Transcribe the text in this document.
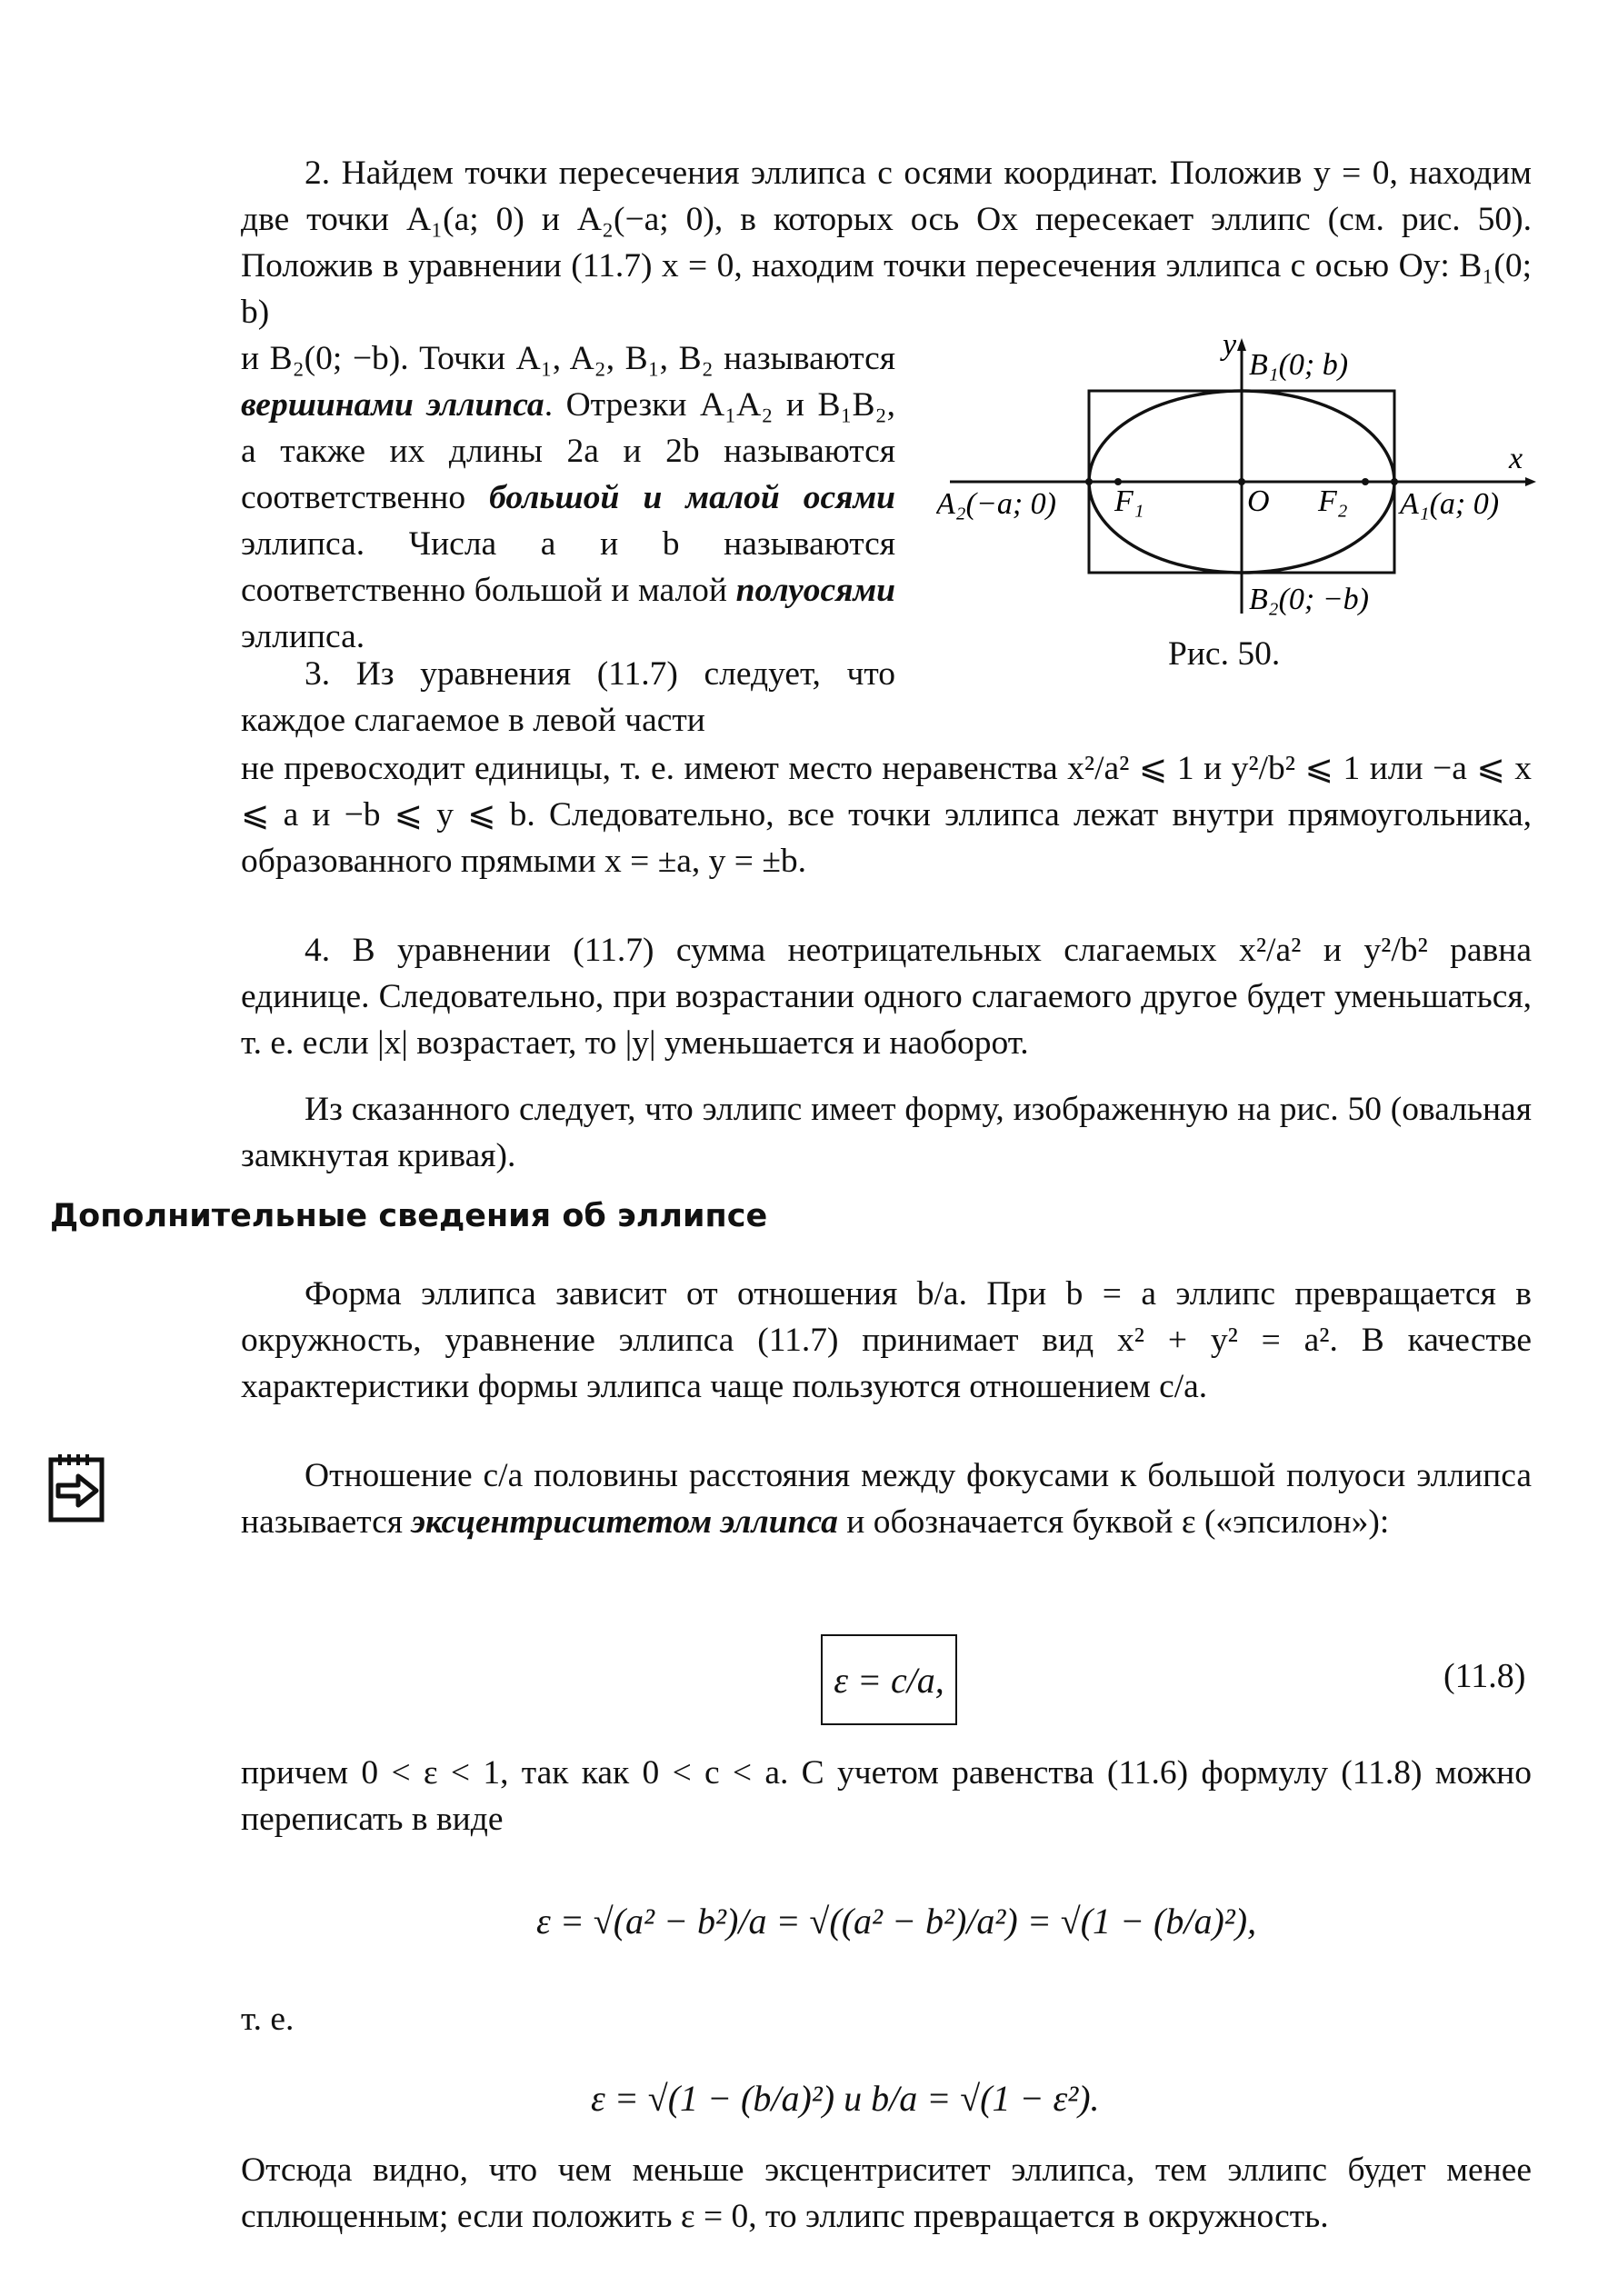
2. Найдем точки пересечения эллипса с осями координат. Положив y = 0, находим две точки A₁(a; 0) и A₂(−a; 0), в которых ось Ox пересекает эллипс (см. рис. 50). Положив в уравнении (11.7) x = 0, находим точки пересечения эллипса с осью Oy: B₁(0; b)

и B₂(0; −b). Точки A₁, A₂, B₁, B₂ называются вершинами эллипса. Отрезки A₁A₂ и B₁B₂, а также их длины 2a и 2b называются соответственно большой и малой осями эллипса. Числа a и b называются соответственно большой и малой полуосями эллипса.

3. Из уравнения (11.7) следует, что каждое слагаемое в левой части

y
x
B₁(0; b)
B₂(0; −b)
A₂(−a; 0)	A₁(a; 0)
F₁	F₂
O
Рис. 50.

не превосходит единицы, т. е. имеют место неравенства x²/a² ⩽ 1 и y²/b² ⩽ 1 или −a ⩽ x ⩽ a и −b ⩽ y ⩽ b. Следовательно, все точки эллипса лежат внутри прямоугольника, образованного прямыми x = ±a, y = ±b.

4. В уравнении (11.7) сумма неотрицательных слагаемых x²/a² и y²/b² равна единице. Следовательно, при возрастании одного слагаемого другое будет уменьшаться, т. е. если |x| возрастает, то |y| уменьшается и наоборот.

Из сказанного следует, что эллипс имеет форму, изображенную на рис. 50 (овальная замкнутая кривая).

Дополнительные сведения об эллипсе

Форма эллипса зависит от отношения b/a. При b = a эллипс превращается в окружность, уравнение эллипса (11.7) принимает вид x² + y² = a². В качестве характеристики формы эллипса чаще пользуются отношением c/a.

Отношение c/a половины расстояния между фокусами к большой полуоси эллипса называется эксцентриситетом эллипса и обозначается буквой ε («эпсилон»):

ε = c/a,	(11.8)

причем 0 < ε < 1, так как 0 < c < a. С учетом равенства (11.6) формулу (11.8) можно переписать в виде

ε = √(a² − b²)/a = √((a² − b²)/a²) = √(1 − (b/a)²),
т. е.
ε = √(1 − (b/a)²) и b/a = √(1 − ε²).

Отсюда видно, что чем меньше эксцентриситет эллипса, тем эллипс будет менее сплющенным; если положить ε = 0, то эллипс превращается в окружность.
